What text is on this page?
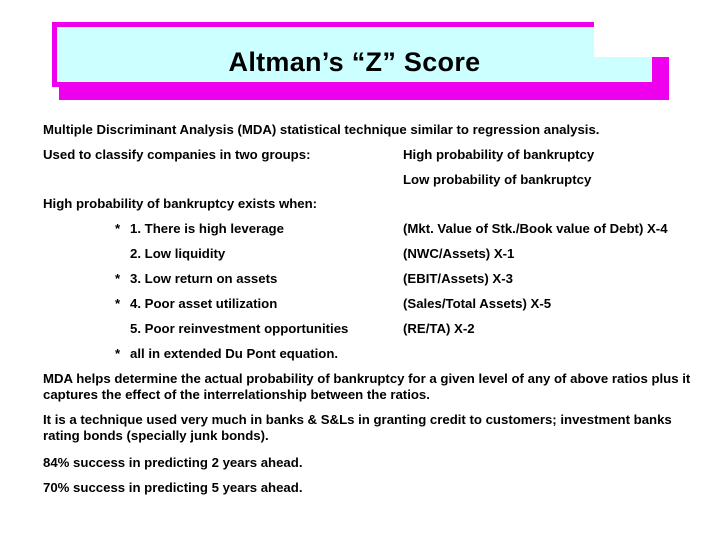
Altman’s “Z” Score
Multiple Discriminant Analysis (MDA) statistical technique similar to regression analysis.
Used to classify companies in two groups:	High probability of bankruptcy
Low probability of bankruptcy
High probability of bankruptcy exists when:
* 1. There is high leverage	(Mkt. Value of Stk./Book value of Debt) X-4
2. Low liquidity	(NWC/Assets) X-1
* 3. Low return on assets	(EBIT/Assets) X-3
* 4. Poor asset utilization	(Sales/Total Assets) X-5
5. Poor reinvestment opportunities	(RE/TA) X-2
* all in extended Du Pont equation.
MDA helps determine the actual probability of bankruptcy for a given level of any of above ratios plus it captures the effect of the interrelationship between the ratios.
It is a technique used very much in banks & S&Ls in granting credit to customers; investment banks rating bonds (specially junk bonds).
84% success in predicting 2 years ahead.
70% success in predicting 5 years ahead.
